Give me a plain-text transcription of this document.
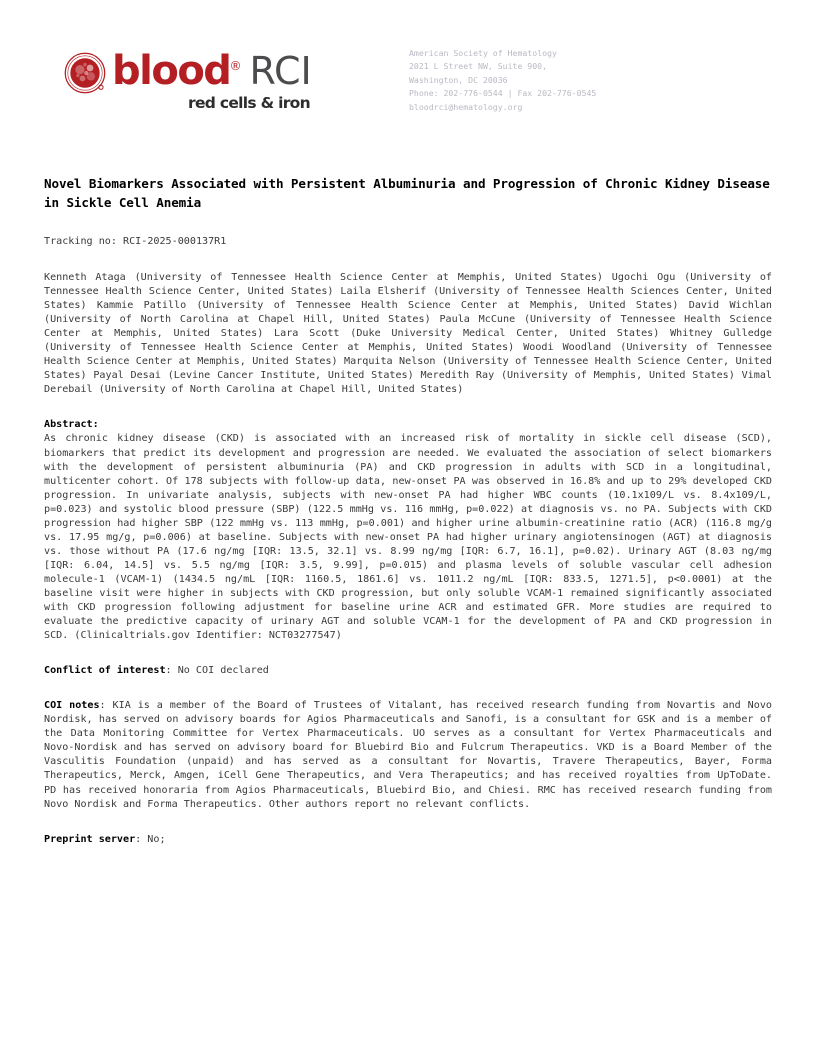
blood® RCI
red cells & iron
American Society of Hematology
2021 L Street NW, Suite 900,
Washington, DC 20036
Phone: 202-776-0544 | Fax 202-776-0545
bloodrci@hematology.org
Novel Biomarkers Associated with Persistent Albuminuria and Progression of Chronic Kidney Disease in Sickle Cell Anemia
Tracking no: RCI-2025-000137R1
Kenneth Ataga (University of Tennessee Health Science Center at Memphis, United States) Ugochi Ogu (University of Tennessee Health Science Center, United States) Laila Elsherif (University of Tennessee Health Sciences Center, United States) Kammie Patillo (University of Tennessee Health Science Center at Memphis, United States) David Wichlan (University of North Carolina at Chapel Hill, United States) Paula McCune (University of Tennessee Health Science Center at Memphis, United States) Lara Scott (Duke University Medical Center, United States) Whitney Gulledge (University of Tennessee Health Science Center at Memphis, United States) Woodi Woodland (University of Tennessee Health Science Center at Memphis, United States) Marquita Nelson (University of Tennessee Health Science Center, United States) Payal Desai (Levine Cancer Institute, United States) Meredith Ray (University of Memphis, United States) Vimal Derebail (University of North Carolina at Chapel Hill, United States)
Abstract:
As chronic kidney disease (CKD) is associated with an increased risk of mortality in sickle cell disease (SCD), biomarkers that predict its development and progression are needed. We evaluated the association of select biomarkers with the development of persistent albuminuria (PA) and CKD progression in adults with SCD in a longitudinal, multicenter cohort. Of 178 subjects with follow-up data, new-onset PA was observed in 16.8% and up to 29% developed CKD progression. In univariate analysis, subjects with new-onset PA had higher WBC counts (10.1x109/L vs. 8.4x109/L, p=0.023) and systolic blood pressure (SBP) (122.5 mmHg vs. 116 mmHg, p=0.022) at diagnosis vs. no PA. Subjects with CKD progression had higher SBP (122 mmHg vs. 113 mmHg, p=0.001) and higher urine albumin-creatinine ratio (ACR) (116.8 mg/g vs. 17.95 mg/g, p=0.006) at baseline. Subjects with new-onset PA had higher urinary angiotensinogen (AGT) at diagnosis vs. those without PA (17.6 ng/mg [IQR: 13.5, 32.1] vs. 8.99 ng/mg [IQR: 6.7, 16.1], p=0.02). Urinary AGT (8.03 ng/mg [IQR: 6.04, 14.5] vs. 5.5 ng/mg [IQR: 3.5, 9.99], p=0.015) and plasma levels of soluble vascular cell adhesion molecule-1 (VCAM-1) (1434.5 ng/mL [IQR: 1160.5, 1861.6] vs. 1011.2 ng/mL [IQR: 833.5, 1271.5], p<0.0001) at the baseline visit were higher in subjects with CKD progression, but only soluble VCAM-1 remained significantly associated with CKD progression following adjustment for baseline urine ACR and estimated GFR. More studies are required to evaluate the predictive capacity of urinary AGT and soluble VCAM-1 for the development of PA and CKD progression in SCD. (Clinicaltrials.gov Identifier: NCT03277547)
Conflict of interest: No COI declared
COI notes: KIA is a member of the Board of Trustees of Vitalant, has received research funding from Novartis and Novo Nordisk, has served on advisory boards for Agios Pharmaceuticals and Sanofi, is a consultant for GSK and is a member of the Data Monitoring Committee for Vertex Pharmaceuticals. UO serves as a consultant for Vertex Pharmaceuticals and Novo-Nordisk and has served on advisory board for Bluebird Bio and Fulcrum Therapeutics. VKD is a Board Member of the Vasculitis Foundation (unpaid) and has served as a consultant for Novartis, Travere Therapeutics, Bayer, Forma Therapeutics, Merck, Amgen, iCell Gene Therapeutics, and Vera Therapeutics; and has received royalties from UpToDate. PD has received honoraria from Agios Pharmaceuticals, Bluebird Bio, and Chiesi. RMC has received research funding from Novo Nordisk and Forma Therapeutics. Other authors report no relevant conflicts.
Preprint server: No;
